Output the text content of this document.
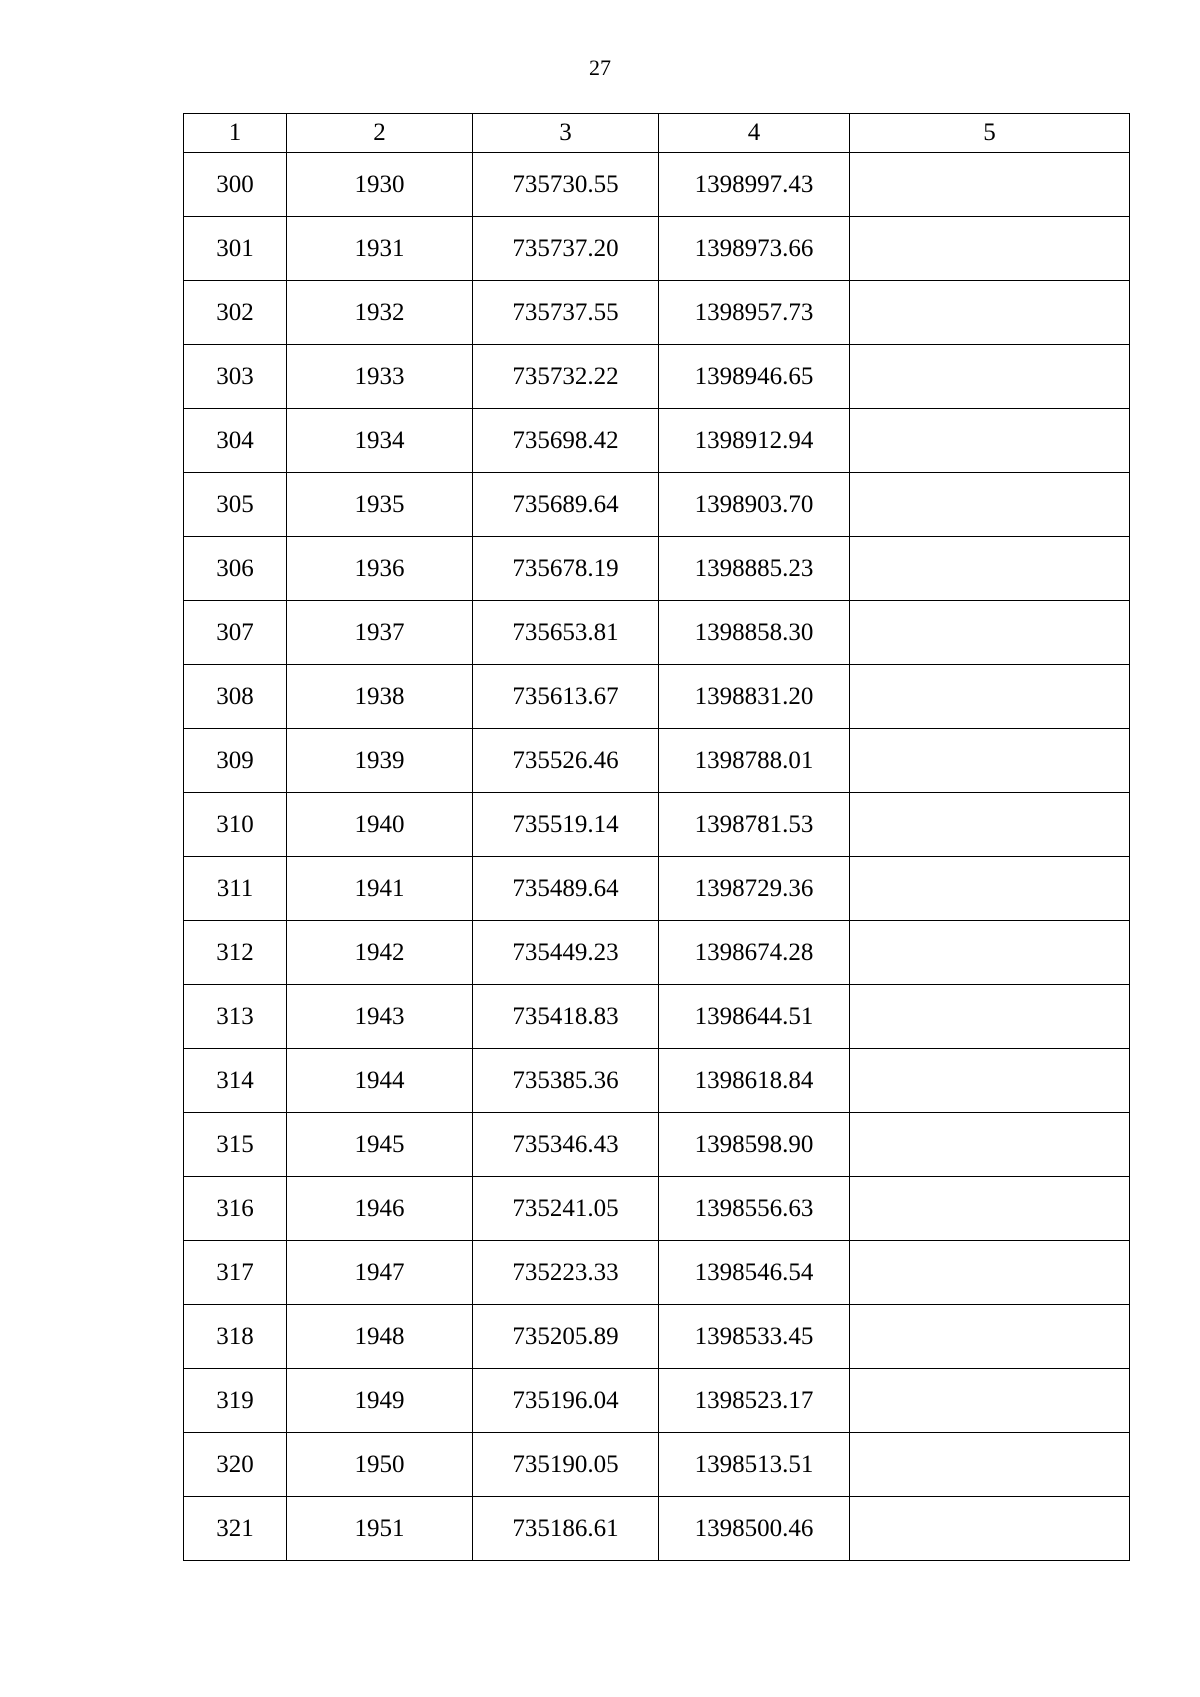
27
1	2	3	4	5
300	1930	735730.55	1398997.43	
301	1931	735737.20	1398973.66	
302	1932	735737.55	1398957.73	
303	1933	735732.22	1398946.65	
304	1934	735698.42	1398912.94	
305	1935	735689.64	1398903.70	
306	1936	735678.19	1398885.23	
307	1937	735653.81	1398858.30	
308	1938	735613.67	1398831.20	
309	1939	735526.46	1398788.01	
310	1940	735519.14	1398781.53	
311	1941	735489.64	1398729.36	
312	1942	735449.23	1398674.28	
313	1943	735418.83	1398644.51	
314	1944	735385.36	1398618.84	
315	1945	735346.43	1398598.90	
316	1946	735241.05	1398556.63	
317	1947	735223.33	1398546.54	
318	1948	735205.89	1398533.45	
319	1949	735196.04	1398523.17	
320	1950	735190.05	1398513.51	
321	1951	735186.61	1398500.46	
